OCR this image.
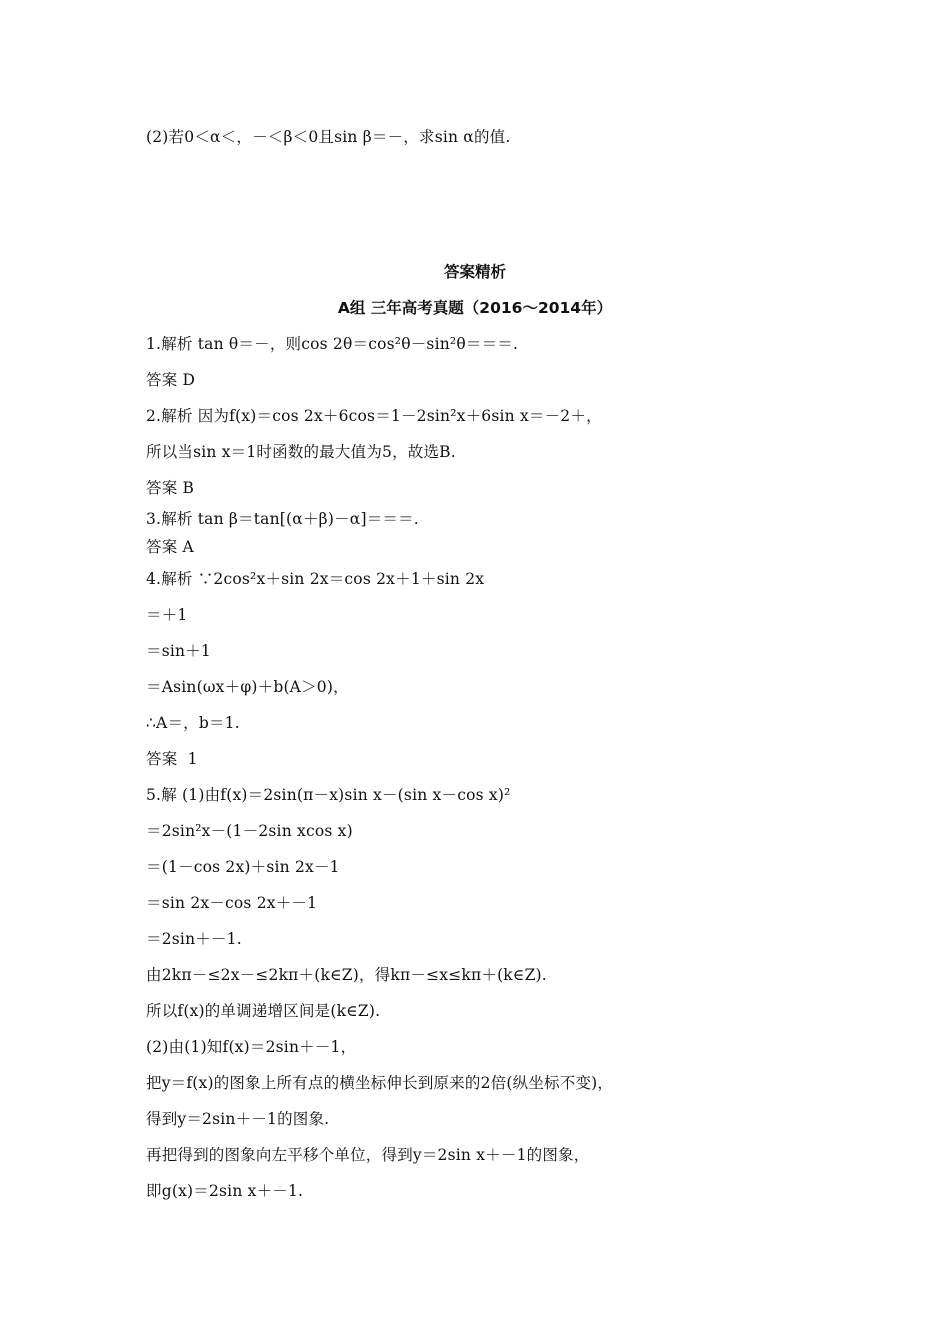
(2)若0＜α＜，－＜β＜0且sin β＝－，求sin α的值.
答案精析
A组 三年高考真题（2016～2014年）
1.解析 tan θ＝－，则cos 2θ＝cos²θ－sin²θ＝＝＝.
答案 D
2.解析 因为f(x)＝cos 2x＋6cos＝1－2sin²x＋6sin x＝－2＋，
所以当sin x＝1时函数的最大值为5，故选B.
答案 B
3.解析 tan β＝tan[(α＋β)－α]＝＝＝.
答案 A
4.解析 ∵2cos²x＋sin 2x＝cos 2x＋1＋sin 2x
＝＋1
＝sin＋1
＝Asin(ωx＋φ)＋b(A＞0)，
∴A＝，b＝1.
答案  1
5.解 (1)由f(x)＝2sin(π－x)sin x－(sin x－cos x)²
＝2sin²x－(1－2sin xcos x)
＝(1－cos 2x)＋sin 2x－1
＝sin 2x－cos 2x＋－1
＝2sin＋－1.
由2kπ－≤2x－≤2kπ＋(k∈Z)，得kπ－≤x≤kπ＋(k∈Z).
所以f(x)的单调递增区间是(k∈Z).
(2)由(1)知f(x)＝2sin＋－1，
把y＝f(x)的图象上所有点的横坐标伸长到原来的2倍(纵坐标不变)，
得到y＝2sin＋－1的图象.
再把得到的图象向左平移个单位，得到y＝2sin x＋－1的图象，
即g(x)＝2sin x＋－1.
